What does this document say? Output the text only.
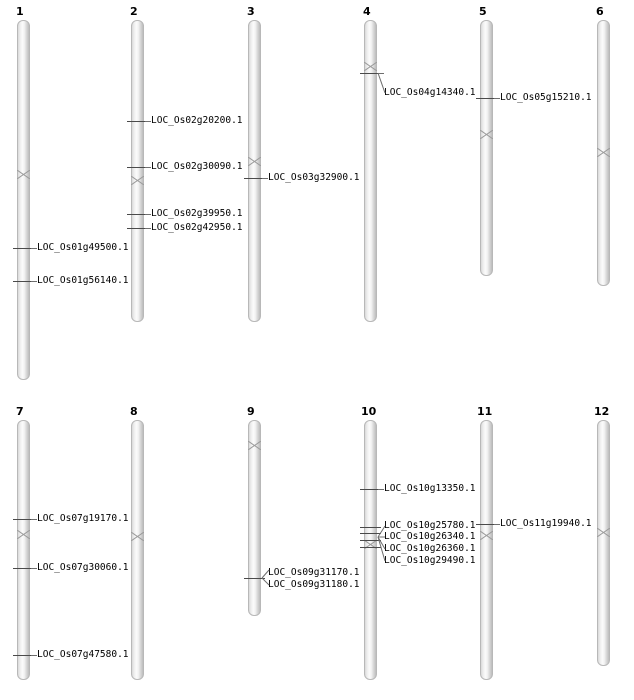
1
LOC_Os01g49500.1
LOC_Os01g56140.1
2
LOC_Os02g20200.1
LOC_Os02g30090.1
LOC_Os02g39950.1
LOC_Os02g42950.1
3
LOC_Os03g32900.1
4
LOC_Os04g14340.1
5
LOC_Os05g15210.1
6
7
LOC_Os07g19170.1
LOC_Os07g30060.1
LOC_Os07g47580.1
8	9
LOC_Os09g31170.1
LOC_Os09g31180.1
10
LOC_Os10g13350.1
LOC_Os10g25780.1
LOC_Os10g26340.1
LOC_Os10g26360.1
LOC_Os10g29490.1
11
LOC_Os11g19940.1
12
